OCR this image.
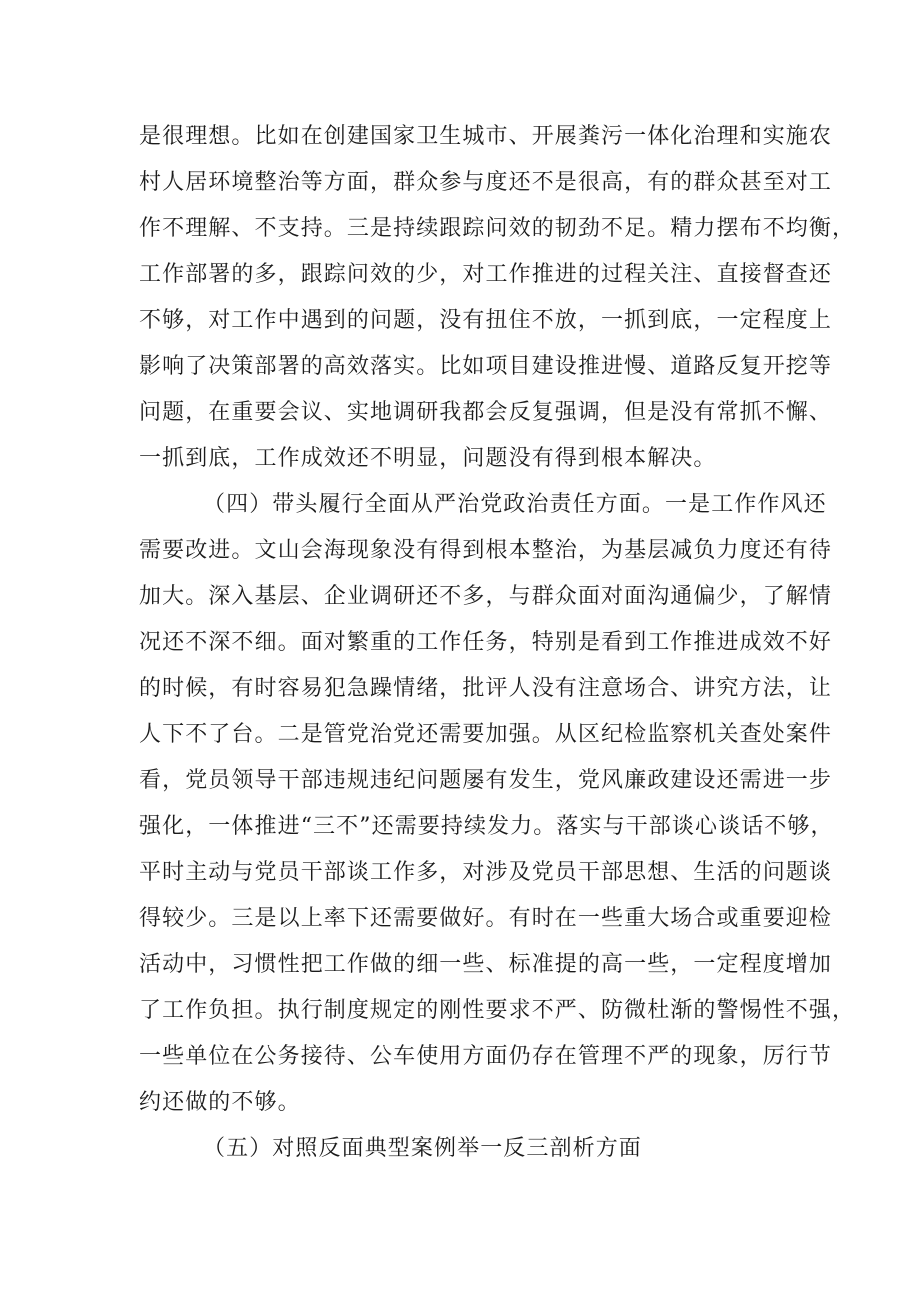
是很理想。比如在创建国家卫生城市、开展粪污一体化治理和实施农
村人居环境整治等方面，群众参与度还不是很高，有的群众甚至对工
作不理解、不支持。三是持续跟踪问效的韧劲不足。精力摆布不均衡，
工作部署的多，跟踪问效的少，对工作推进的过程关注、直接督查还
不够，对工作中遇到的问题，没有扭住不放，一抓到底，一定程度上
影响了决策部署的高效落实。比如项目建设推进慢、道路反复开挖等
问题，在重要会议、实地调研我都会反复强调，但是没有常抓不懈、
一抓到底，工作成效还不明显，问题没有得到根本解决。
（四）带头履行全面从严治党政治责任方面。一是工作作风还
需要改进。文山会海现象没有得到根本整治，为基层减负力度还有待
加大。深入基层、企业调研还不多，与群众面对面沟通偏少，了解情
况还不深不细。面对繁重的工作任务，特别是看到工作推进成效不好
的时候，有时容易犯急躁情绪，批评人没有注意场合、讲究方法，让
人下不了台。二是管党治党还需要加强。从区纪检监察机关查处案件
看，党员领导干部违规违纪问题屡有发生，党风廉政建设还需进一步
强化，一体推进“三不”还需要持续发力。落实与干部谈心谈话不够，
平时主动与党员干部谈工作多，对涉及党员干部思想、生活的问题谈
得较少。三是以上率下还需要做好。有时在一些重大场合或重要迎检
活动中，习惯性把工作做的细一些、标准提的高一些，一定程度增加
了工作负担。执行制度规定的刚性要求不严、防微杜渐的警惕性不强，
一些单位在公务接待、公车使用方面仍存在管理不严的现象，厉行节
约还做的不够。
（五）对照反面典型案例举一反三剖析方面
